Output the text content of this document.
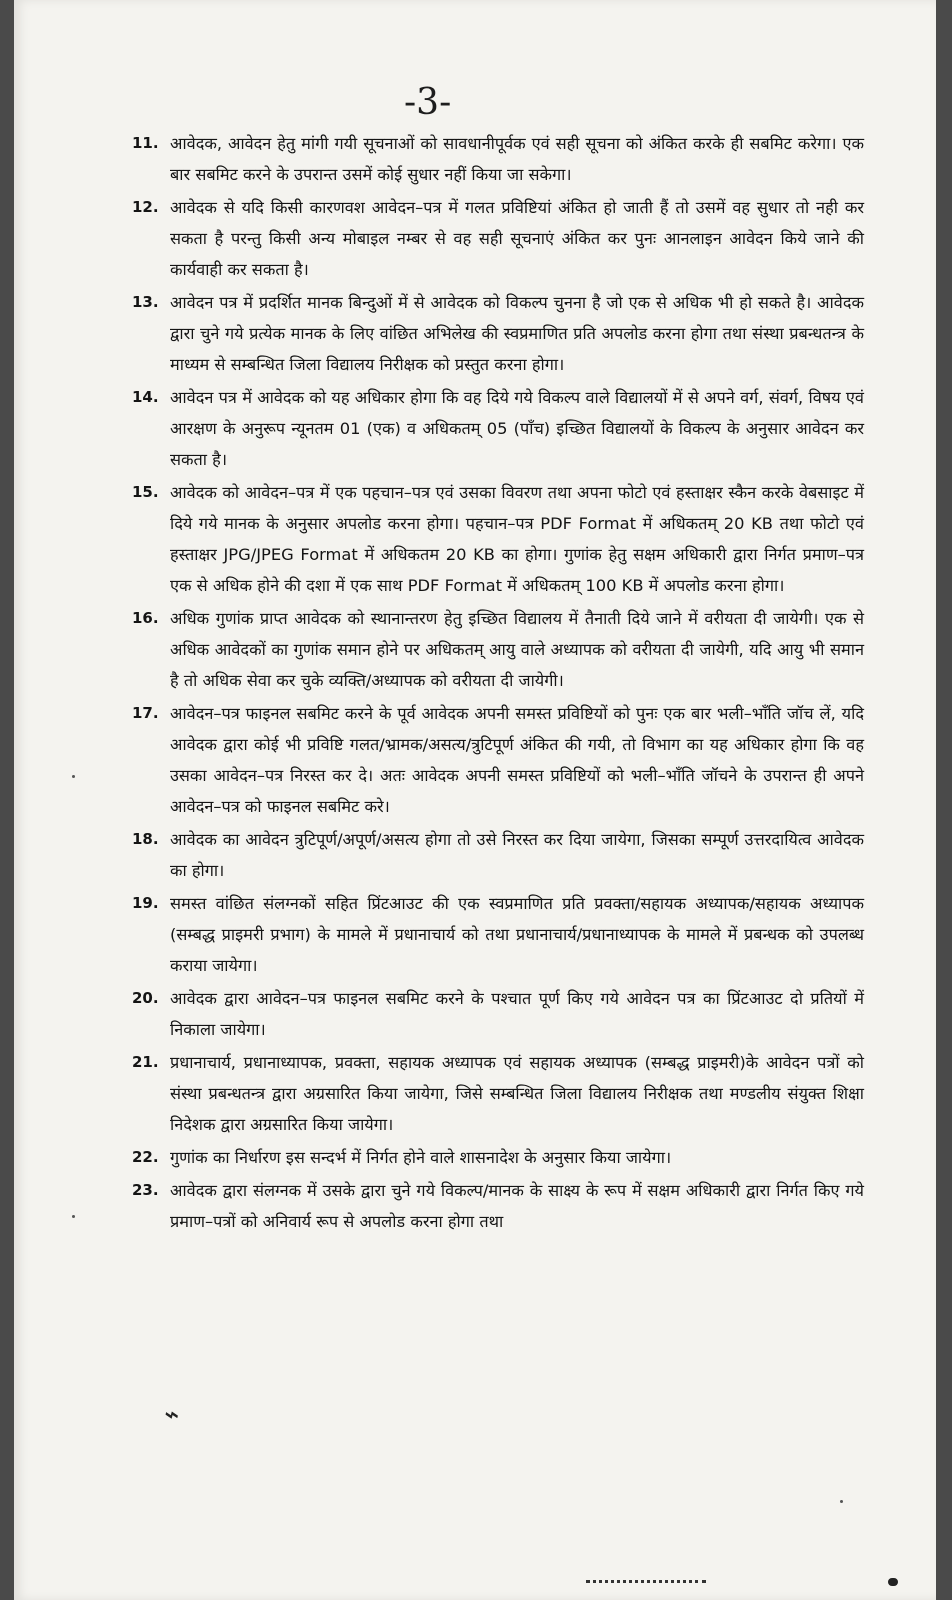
-3-
11. आवेदक, आवेदन हेतु मांगी गयी सूचनाओं को सावधानीपूर्वक एवं सही सूचना को अंकित करके ही सबमिट करेगा। एक बार सबमिट करने के उपरान्त उसमें कोई सुधार नहीं किया जा सकेगा।
12. आवेदक से यदि किसी कारणवश आवेदन–पत्र में गलत प्रविष्टियां अंकित हो जाती हैं तो उसमें वह सुधार तो नही कर सकता है परन्तु किसी अन्य मोबाइल नम्बर से वह सही सूचनाएं अंकित कर पुनः आनलाइन आवेदन किये जाने की कार्यवाही कर सकता है।
13. आवेदन पत्र में प्रदर्शित मानक बिन्दुओं में से आवेदक को विकल्प चुनना है जो एक से अधिक भी हो सकते है। आवेदक द्वारा चुने गये प्रत्येक मानक के लिए वांछित अभिलेख की स्वप्रमाणित प्रति अपलोड करना होगा तथा संस्था प्रबन्धतन्त्र के माध्यम से सम्बन्धित जिला विद्यालय निरीक्षक को प्रस्तुत करना होगा।
14. आवेदन पत्र में आवेदक को यह अधिकार होगा कि वह दिये गये विकल्प वाले विद्यालयों में से अपने वर्ग, संवर्ग, विषय एवं आरक्षण के अनुरूप न्यूनतम 01 (एक) व अधिकतम् 05 (पाँच) इच्छित विद्यालयों के विकल्प के अनुसार आवेदन कर सकता है।
15. आवेदक को आवेदन–पत्र में एक पहचान–पत्र एवं उसका विवरण तथा अपना फोटो एवं हस्ताक्षर स्कैन करके वेबसाइट में दिये गये मानक के अनुसार अपलोड करना होगा। पहचान–पत्र PDF Format में अधिकतम् 20 KB तथा फोटो एवं हस्ताक्षर JPG/JPEG Format में अधिकतम 20 KB का होगा। गुणांक हेतु सक्षम अधिकारी द्वारा निर्गत प्रमाण–पत्र एक से अधिक होने की दशा में एक साथ PDF Format में अधिकतम् 100 KB में अपलोड करना होगा।
16. अधिक गुणांक प्राप्त आवेदक को स्थानान्तरण हेतु इच्छित विद्यालय में तैनाती दिये जाने में वरीयता दी जायेगी। एक से अधिक आवेदकों का गुणांक समान होने पर अधिकतम् आयु वाले अध्यापक को वरीयता दी जायेगी, यदि आयु भी समान है तो अधिक सेवा कर चुके व्यक्ति/अध्यापक को वरीयता दी जायेगी।
17. आवेदन–पत्र फाइनल सबमिट करने के पूर्व आवेदक अपनी समस्त प्रविष्टियों को पुनः एक बार भली–भाँति जॉच लें, यदि आवेदक द्वारा कोई भी प्रविष्टि गलत/भ्रामक/असत्य/त्रुटिपूर्ण अंकित की गयी, तो विभाग का यह अधिकार होगा कि वह उसका आवेदन–पत्र निरस्त कर दे। अतः आवेदक अपनी समस्त प्रविष्टियों को भली–भाँति जॉचने के उपरान्त ही अपने आवेदन–पत्र को फाइनल सबमिट करे।
18. आवेदक का आवेदन त्रुटिपूर्ण/अपूर्ण/असत्य होगा तो उसे निरस्त कर दिया जायेगा, जिसका सम्पूर्ण उत्तरदायित्व आवेदक का होगा।
19. समस्त वांछित संलग्नकों सहित प्रिंटआउट की एक स्वप्रमाणित प्रति प्रवक्ता/सहायक अध्यापक/सहायक अध्यापक (सम्बद्ध प्राइमरी प्रभाग) के मामले में प्रधानाचार्य को तथा प्रधानाचार्य/प्रधानाध्यापक के मामले में प्रबन्धक को उपलब्ध कराया जायेगा।
20. आवेदक द्वारा आवेदन–पत्र फाइनल सबमिट करने के पश्चात पूर्ण किए गये आवेदन पत्र का प्रिंटआउट दो प्रतियों में निकाला जायेगा।
21. प्रधानाचार्य, प्रधानाध्यापक, प्रवक्ता, सहायक अध्यापक एवं सहायक अध्यापक (सम्बद्ध प्राइमरी)के आवेदन पत्रों को संस्था प्रबन्धतन्त्र द्वारा अग्रसारित किया जायेगा, जिसे सम्बन्धित जिला विद्यालय निरीक्षक तथा मण्डलीय संयुक्त शिक्षा निदेशक द्वारा अग्रसारित किया जायेगा।
22. गुणांक का निर्धारण इस सन्दर्भ में निर्गत होने वाले शासनादेश के अनुसार किया जायेगा।
23. आवेदक द्वारा संलग्नक में उसके द्वारा चुने गये विकल्प/मानक के साक्ष्य के रूप में सक्षम अधिकारी द्वारा निर्गत किए गये प्रमाण–पत्रों को अनिवार्य रूप से अपलोड करना होगा तथा
⌁
